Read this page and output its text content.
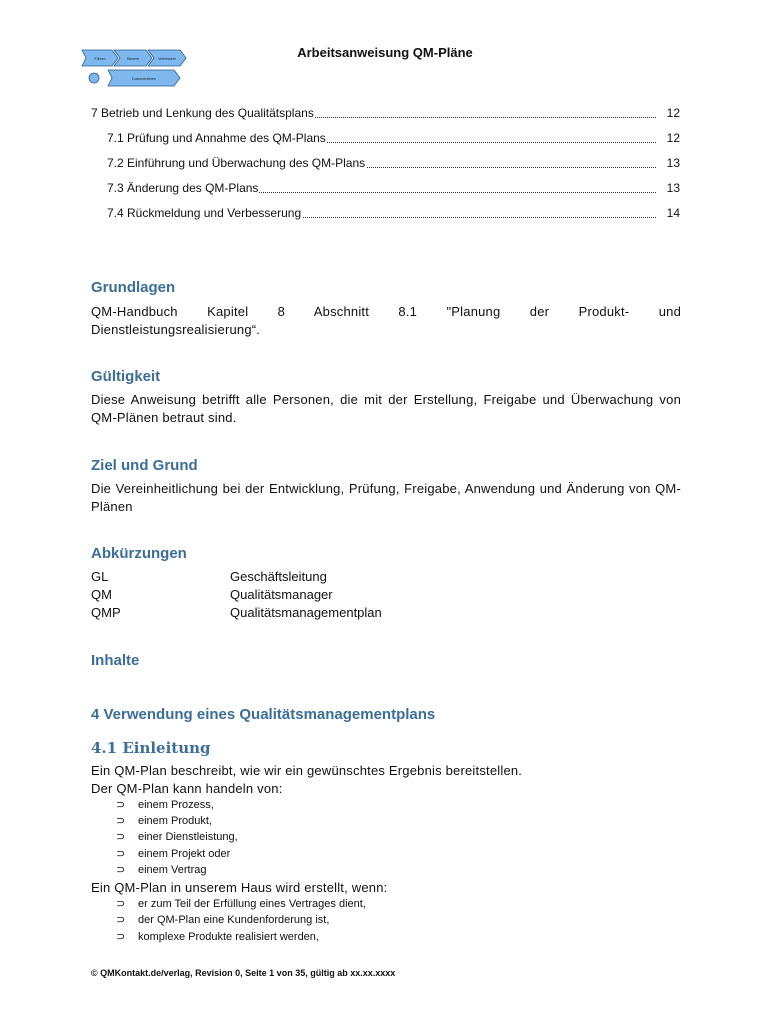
Führen	Steuern	Verbessern
Dokumentieren
Arbeitsanweisung QM-Pläne
7 Betrieb und Lenkung des Qualitätsplans	12
7.1 Prüfung und Annahme des QM-Plans	12
7.2 Einführung und Überwachung des QM-Plans	13
7.3 Änderung des QM-Plans	13
7.4 Rückmeldung und Verbesserung	14
Grundlagen
QM-Handbuch Kapitel 8 Abschnitt 8.1 "Planung der Produkt- und
Dienstleistungsrealisierung“.
Gültigkeit
Diese Anweisung betrifft alle Personen, die mit der Erstellung, Freigabe und Überwachung von QM-Plänen betraut sind.
Ziel und Grund
Die Vereinheitlichung bei der Entwicklung, Prüfung, Freigabe, Anwendung und Änderung von QM-Plänen
Abkürzungen
GL	Geschäftsleitung
QM	Qualitätsmanager
QMP	Qualitätsmanagementplan
Inhalte
4 Verwendung eines Qualitätsmanagementplans
4.1 Einleitung
Ein QM-Plan beschreibt, wie wir ein gewünschtes Ergebnis bereitstellen.
Der QM-Plan kann handeln von:
⊃ einem Prozess,
⊃ einem Produkt,
⊃ einer Dienstleistung,
⊃ einem Projekt oder
⊃ einem Vertrag
Ein QM-Plan in unserem Haus wird erstellt, wenn:
⊃ er zum Teil der Erfüllung eines Vertrages dient,
⊃ der QM-Plan eine Kundenforderung ist,
⊃ komplexe Produkte realisiert werden,
© QMKontakt.de/verlag, Revision 0, Seite 1 von 35, gültig ab xx.xx.xxxx
